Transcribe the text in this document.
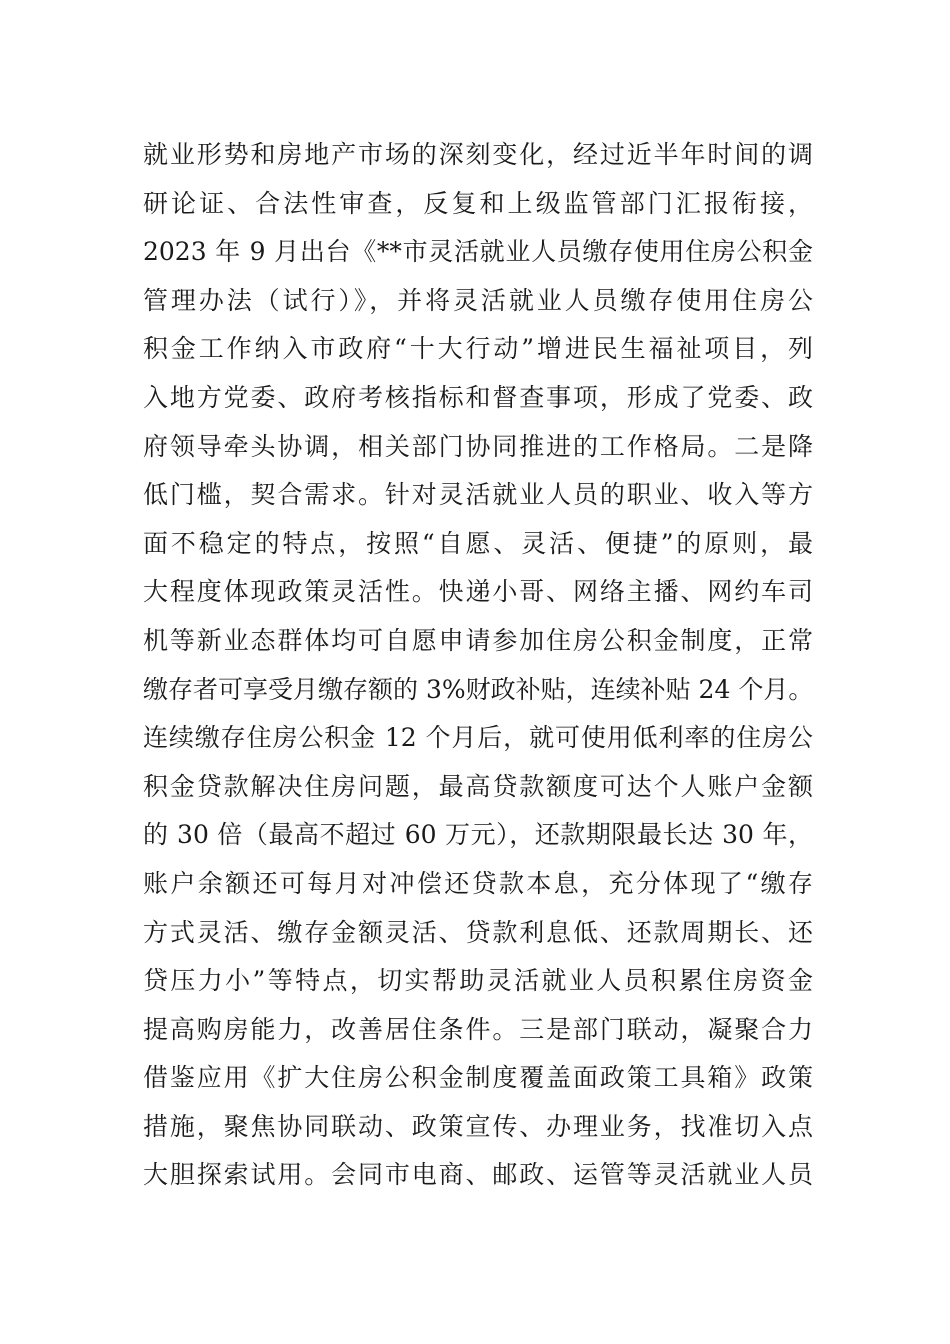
就业形势和房地产市场的深刻变化，经过近半年时间的调
研论证、合法性审查，反复和上级监管部门汇报衔接，
2023 年 9 月出台《**市灵活就业人员缴存使用住房公积金
管理办法（试行）》，并将灵活就业人员缴存使用住房公
积金工作纳入市政府“十大行动”增进民生福祉项目，列
入地方党委、政府考核指标和督查事项，形成了党委、政
府领导牵头协调，相关部门协同推进的工作格局。二是降
低门槛，契合需求。针对灵活就业人员的职业、收入等方
面不稳定的特点，按照“自愿、灵活、便捷”的原则，最
大程度体现政策灵活性。快递小哥、网络主播、网约车司
机等新业态群体均可自愿申请参加住房公积金制度，正常
缴存者可享受月缴存额的 3%财政补贴，连续补贴 24 个月。
连续缴存住房公积金 12 个月后，就可使用低利率的住房公
积金贷款解决住房问题，最高贷款额度可达个人账户金额
的 30 倍（最高不超过 60 万元），还款期限最长达 30 年，
账户余额还可每月对冲偿还贷款本息，充分体现了“缴存
方式灵活、缴存金额灵活、贷款利息低、还款周期长、还
贷压力小”等特点，切实帮助灵活就业人员积累住房资金
提高购房能力，改善居住条件。三是部门联动，凝聚合力
借鉴应用《扩大住房公积金制度覆盖面政策工具箱》政策
措施，聚焦协同联动、政策宣传、办理业务，找准切入点
大胆探索试用。会同市电商、邮政、运管等灵活就业人员
